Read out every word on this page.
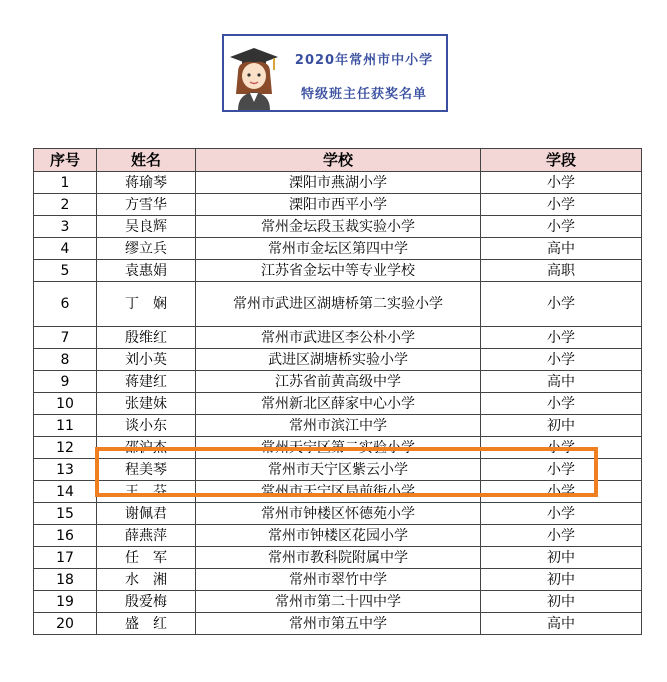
2020年常州市中小学
特级班主任获奖名单
序号	姓名	学校	学段
1	蒋瑜琴	溧阳市燕湖小学	小学
2	方雪华	溧阳市西平小学	小学
3	吴良辉	常州金坛段玉裁实验小学	小学
4	缪立兵	常州市金坛区第四中学	高中
5	袁惠娟	江苏省金坛中等专业学校	高职
6	丁　娴	常州市武进区湖塘桥第二实验小学	小学
7	殷维红	常州市武进区李公朴小学	小学
8	刘小英	武进区湖塘桥实验小学	小学
9	蒋建红	江苏省前黄高级中学	高中
10	张建妹	常州新北区薛家中心小学	小学
11	谈小东	常州市滨江中学	初中
12	邵沪杰	常州天宁区第二实验小学	小学
13	程美琴	常州市天宁区紫云小学	小学
14	王　芬	常州市天宁区局前街小学	小学
15	谢佩君	常州市钟楼区怀德苑小学	小学
16	薛燕萍	常州市钟楼区花园小学	小学
17	任　军	常州市教科院附属中学	初中
18	水　湘	常州市翠竹中学	初中
19	殷爱梅	常州市第二十四中学	初中
20	盛　红	常州市第五中学	高中
